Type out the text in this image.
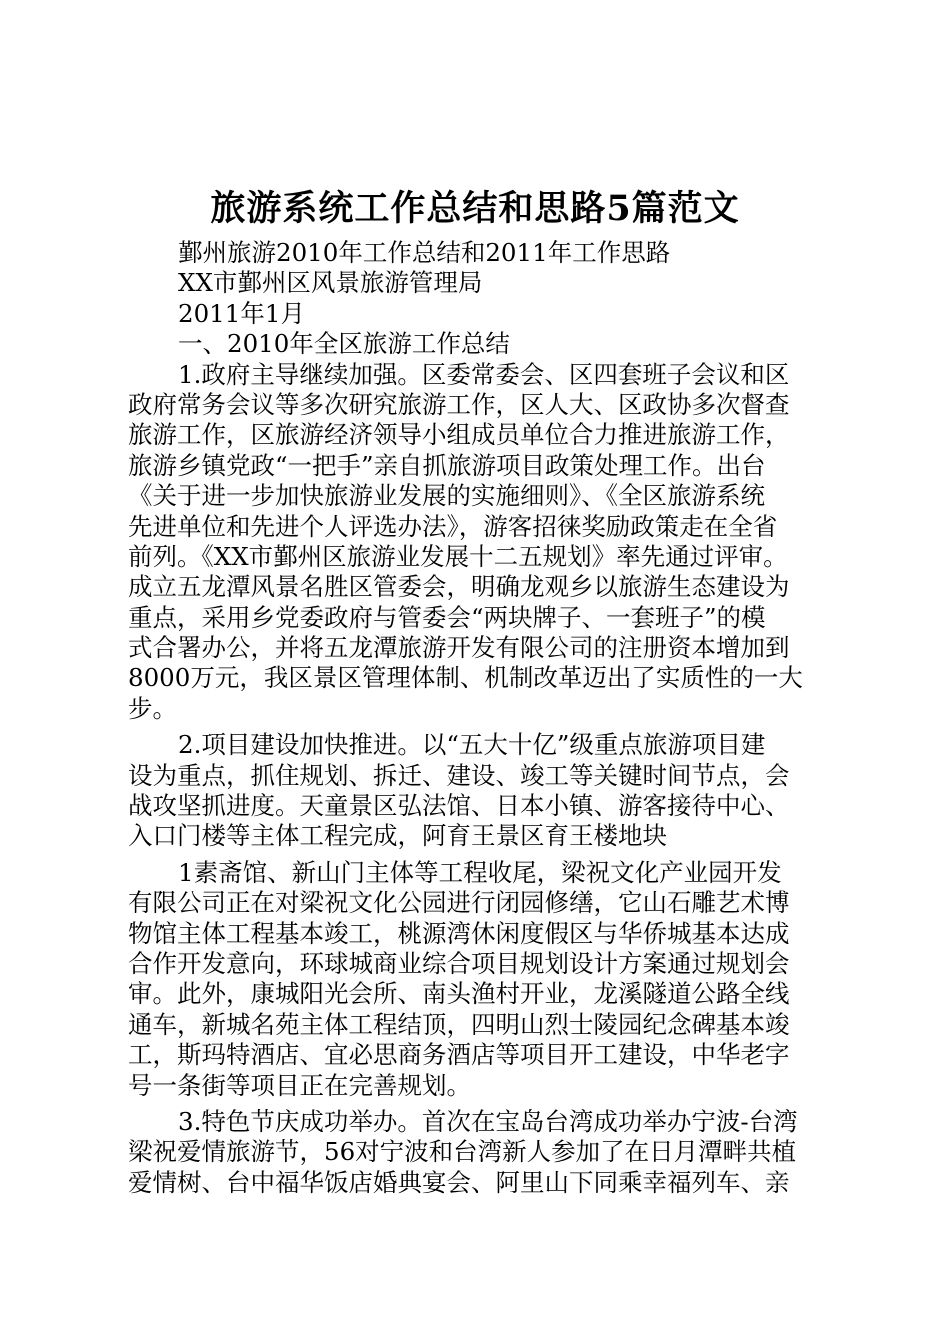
旅游系统工作总结和思路5篇范文
鄞州旅游2010年工作总结和2011年工作思路
XX市鄞州区风景旅游管理局
2011年1月
一、2010年全区旅游工作总结
1.政府主导继续加强。区委常委会、区四套班子会议和区
政府常务会议等多次研究旅游工作，区人大、区政协多次督查
旅游工作，区旅游经济领导小组成员单位合力推进旅游工作，
旅游乡镇党政“一把手”亲自抓旅游项目政策处理工作。出台
《关于进一步加快旅游业发展的实施细则》、《全区旅游系统
先进单位和先进个人评选办法》，游客招徕奖励政策走在全省
前列。《XX市鄞州区旅游业发展十二五规划》率先通过评审。
成立五龙潭风景名胜区管委会，明确龙观乡以旅游生态建设为
重点，采用乡党委政府与管委会“两块牌子、一套班子”的模
式合署办公，并将五龙潭旅游开发有限公司的注册资本增加到
8000万元，我区景区管理体制、机制改革迈出了实质性的一大
步。
2.项目建设加快推进。以“五大十亿”级重点旅游项目建
设为重点，抓住规划、拆迁、建设、竣工等关键时间节点，会
战攻坚抓进度。天童景区弘法馆、日本小镇、游客接待中心、
入口门楼等主体工程完成，阿育王景区育王楼地块
1素斋馆、新山门主体等工程收尾，梁祝文化产业园开发
有限公司正在对梁祝文化公园进行闭园修缮，它山石雕艺术博
物馆主体工程基本竣工，桃源湾休闲度假区与华侨城基本达成
合作开发意向，环球城商业综合项目规划设计方案通过规划会
审。此外，康城阳光会所、南头渔村开业，龙溪隧道公路全线
通车，新城名苑主体工程结顶，四明山烈士陵园纪念碑基本竣
工，斯玛特酒店、宜必思商务酒店等项目开工建设，中华老字
号一条街等项目正在完善规划。
3.特色节庆成功举办。首次在宝岛台湾成功举办宁波-台湾
梁祝爱情旅游节，56对宁波和台湾新人参加了在日月潭畔共植
爱情树、台中福华饭店婚典宴会、阿里山下同乘幸福列车、亲
